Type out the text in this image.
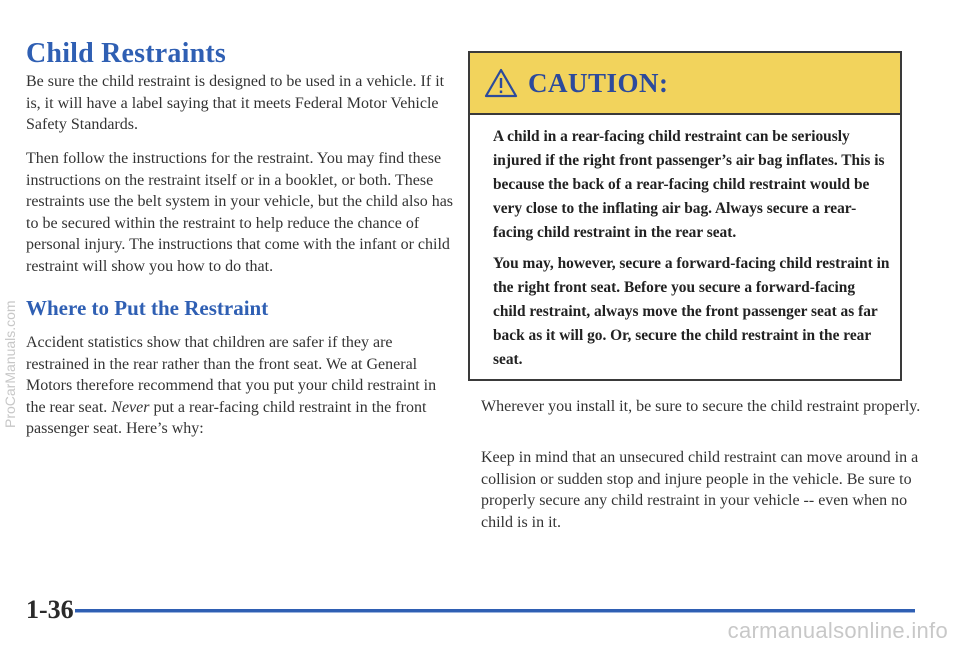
Child Restraints

Be sure the child restraint is designed to be used in a vehicle. If it is, it will have a label saying that it meets Federal Motor Vehicle Safety Standards.

Then follow the instructions for the restraint. You may find these instructions on the restraint itself or in a booklet, or both. These restraints use the belt system in your vehicle, but the child also has to be secured within the restraint to help reduce the chance of personal injury. The instructions that come with the infant or child restraint will show you how to do that.

Where to Put the Restraint

Accident statistics show that children are safer if they are restrained in the rear rather than the front seat. We at General Motors therefore recommend that you put your child restraint in the rear seat. Never put a rear-facing child restraint in the front passenger seat. Here’s why:

CAUTION:

A child in a rear-facing child restraint can be seriously injured if the right front passenger’s air bag inflates. This is because the back of a rear-facing child restraint would be very close to the inflating air bag. Always secure a rear-facing child restraint in the rear seat.

You may, however, secure a forward-facing child restraint in the right front seat. Before you secure a forward-facing child restraint, always move the front passenger seat as far back as it will go. Or, secure the child restraint in the rear seat.

Wherever you install it, be sure to secure the child restraint properly.

Keep in mind that an unsecured child restraint can move around in a collision or sudden stop and injure people in the vehicle. Be sure to properly secure any child restraint in your vehicle -- even when no child is in it.

1-36
ProCarManuals.com
carmanualsonline.info
